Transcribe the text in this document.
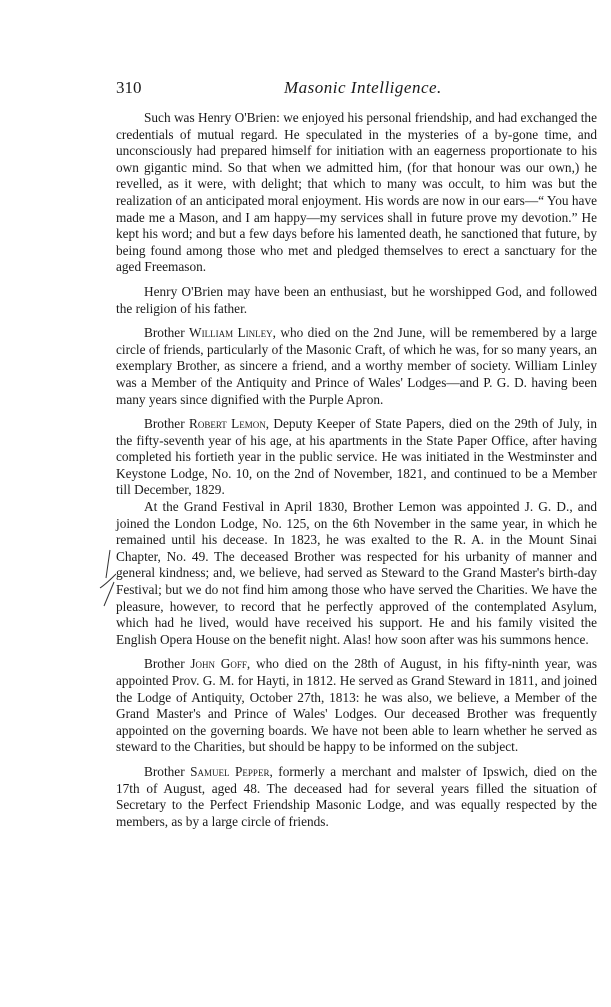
310	Masonic Intelligence.

Such was Henry O'Brien: we enjoyed his personal friendship, and had exchanged the credentials of mutual regard. He speculated in the mysteries of a by-gone time, and unconsciously had prepared himself for initiation with an eagerness proportionate to his own gigantic mind. So that when we admitted him, (for that honour was our own,) he revelled, as it were, with delight; that which to many was occult, to him was but the realization of an anticipated moral enjoyment. His words are now in our ears—“ You have made me a Mason, and I am happy—my services shall in future prove my devotion.” He kept his word; and but a few days before his lamented death, he sanctioned that future, by being found among those who met and pledged themselves to erect a sanctuary for the aged Freemason.

Henry O'Brien may have been an enthusiast, but he worshipped God, and followed the religion of his father.

Brother William Linley, who died on the 2nd June, will be remembered by a large circle of friends, particularly of the Masonic Craft, of which he was, for so many years, an exemplary Brother, as sincere a friend, and a worthy member of society. William Linley was a Member of the Antiquity and Prince of Wales' Lodges—and P. G. D. having been many years since dignified with the Purple Apron.

Brother Robert Lemon, Deputy Keeper of State Papers, died on the 29th of July, in the fifty-seventh year of his age, at his apartments in the State Paper Office, after having completed his fortieth year in the public service. He was initiated in the Westminster and Keystone Lodge, No. 10, on the 2nd of November, 1821, and continued to be a Member till December, 1829.

At the Grand Festival in April 1830, Brother Lemon was appointed J. G. D., and joined the London Lodge, No. 125, on the 6th November in the same year, in which he remained until his decease. In 1823, he was exalted to the R. A. in the Mount Sinai Chapter, No. 49. The deceased Brother was respected for his urbanity of manner and general kindness; and, we believe, had served as Steward to the Grand Master's birth-day Festival; but we do not find him among those who have served the Charities. We have the pleasure, however, to record that he perfectly approved of the contemplated Asylum, which had he lived, would have received his support. He and his family visited the English Opera House on the benefit night. Alas! how soon after was his summons hence.

Brother John Goff, who died on the 28th of August, in his fifty-ninth year, was appointed Prov. G. M. for Hayti, in 1812. He served as Grand Steward in 1811, and joined the Lodge of Antiquity, October 27th, 1813: he was also, we believe, a Member of the Grand Master's and Prince of Wales' Lodges. Our deceased Brother was frequently appointed on the governing boards. We have not been able to learn whether he served as steward to the Charities, but should be happy to be informed on the subject.

Brother Samuel Pepper, formerly a merchant and malster of Ipswich, died on the 17th of August, aged 48. The deceased had for several years filled the situation of Secretary to the Perfect Friendship Masonic Lodge, and was equally respected by the members, as by a large circle of friends.
